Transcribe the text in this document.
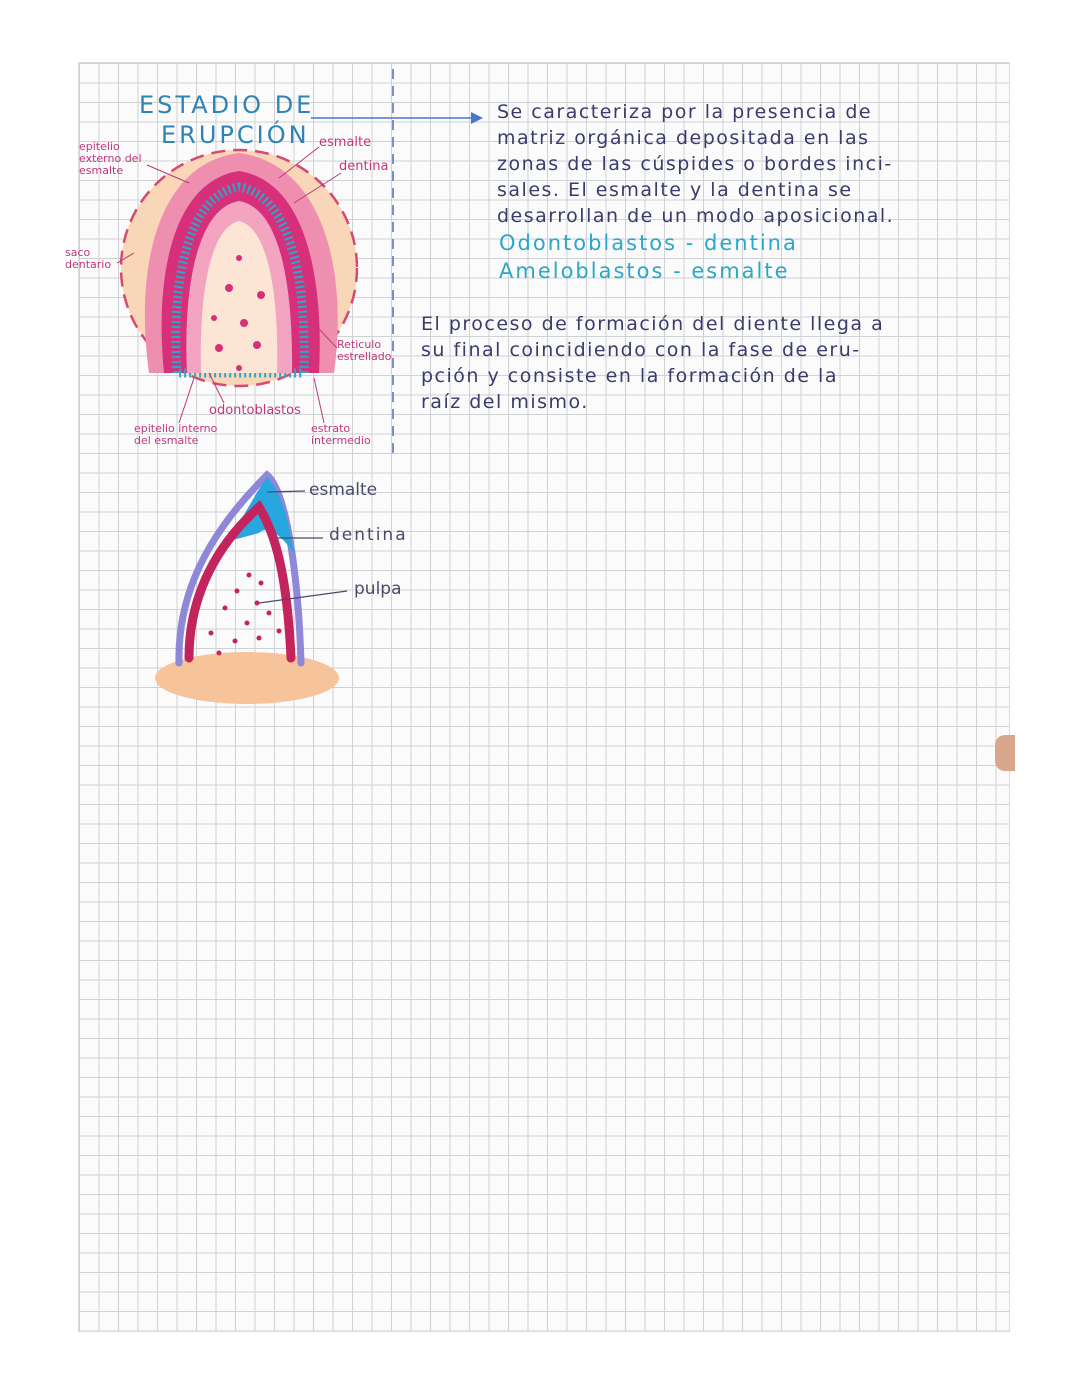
ESTADIO DE
ERUPCIÓN
epitelio externo del esmalte
saco dentario
esmalte
dentina
Reticulo estrellado
odontoblastos
epitelio interno del esmalte
estrato intermedio
esmalte
dentina
pulpa
Se caracteriza por la presencia de
matriz orgánica depositada en las
zonas de las cúspides o bordes inci-
sales. El esmalte y la dentina se
desarrollan de un modo aposicional.
Odontoblastos - dentina
Ameloblastos - esmalte
El proceso de formación del diente llega a
su final coincidiendo con la fase de eru-
pción y consiste en la formación de la
raíz del mismo.
